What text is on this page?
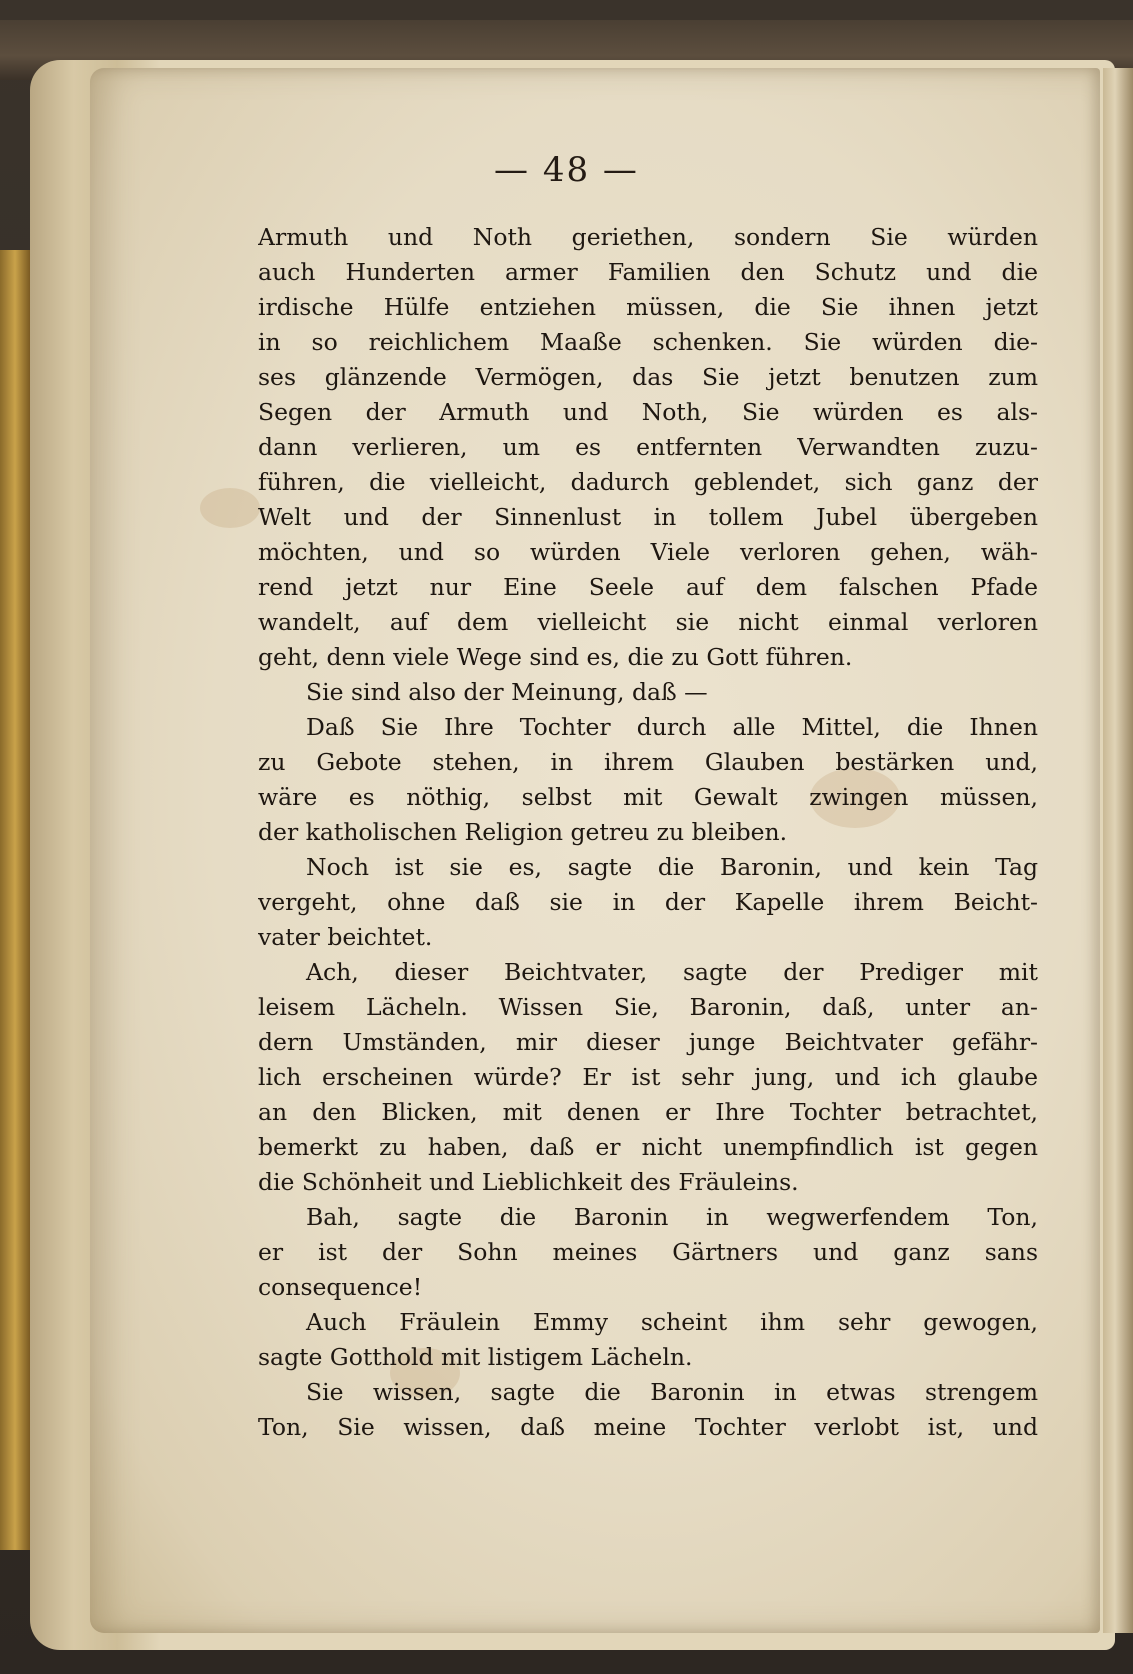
— 48 —
Armuth und Noth geriethen, sondern Sie würden
auch Hunderten armer Familien den Schutz und die
irdische Hülfe entziehen müssen, die Sie ihnen jetzt
in so reichlichem Maaße schenken. Sie würden die-
ses glänzende Vermögen, das Sie jetzt benutzen zum
Segen der Armuth und Noth, Sie würden es als-
dann verlieren, um es entfernten Verwandten zuzu-
führen, die vielleicht, dadurch geblendet, sich ganz der
Welt und der Sinnenlust in tollem Jubel übergeben
möchten, und so würden Viele verloren gehen, wäh-
rend jetzt nur Eine Seele auf dem falschen Pfade
wandelt, auf dem vielleicht sie nicht einmal verloren
geht, denn viele Wege sind es, die zu Gott führen.
Sie sind also der Meinung, daß —
Daß Sie Ihre Tochter durch alle Mittel, die Ihnen
zu Gebote stehen, in ihrem Glauben bestärken und,
wäre es nöthig, selbst mit Gewalt zwingen müssen,
der katholischen Religion getreu zu bleiben.
Noch ist sie es, sagte die Baronin, und kein Tag
vergeht, ohne daß sie in der Kapelle ihrem Beicht-
vater beichtet.
Ach, dieser Beichtvater, sagte der Prediger mit
leisem Lächeln. Wissen Sie, Baronin, daß, unter an-
dern Umständen, mir dieser junge Beichtvater gefähr-
lich erscheinen würde? Er ist sehr jung, und ich glaube
an den Blicken, mit denen er Ihre Tochter betrachtet,
bemerkt zu haben, daß er nicht unempfindlich ist gegen
die Schönheit und Lieblichkeit des Fräuleins.
Bah, sagte die Baronin in wegwerfendem Ton,
er ist der Sohn meines Gärtners und ganz sans
consequence!
Auch Fräulein Emmy scheint ihm sehr gewogen,
sagte Gotthold mit listigem Lächeln.
Sie wissen, sagte die Baronin in etwas strengem
Ton, Sie wissen, daß meine Tochter verlobt ist, und
